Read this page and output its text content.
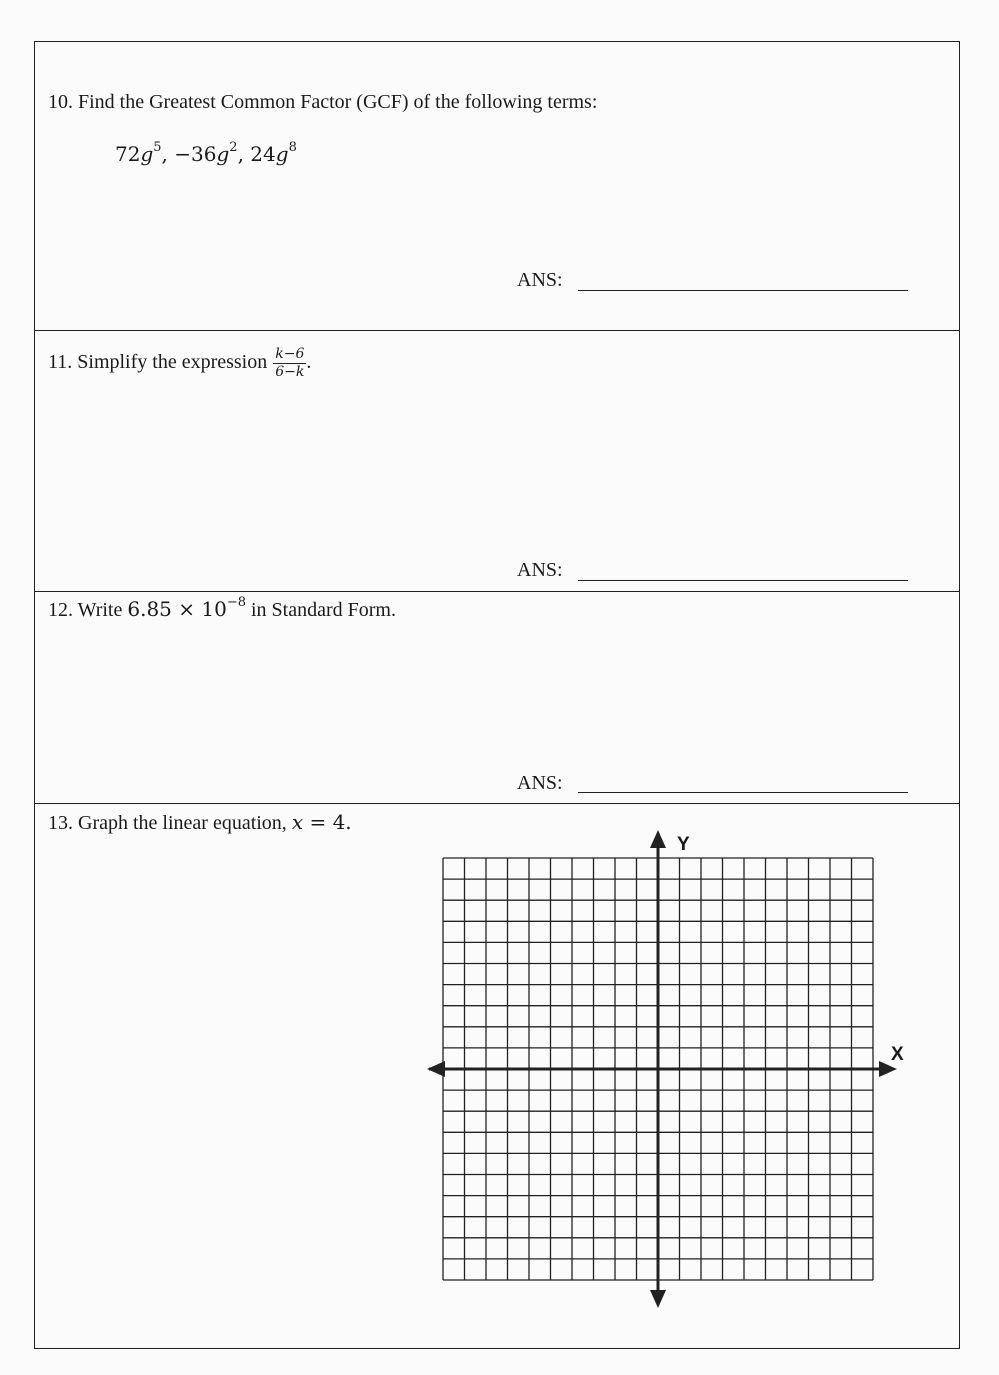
10. Find the Greatest Common Factor (GCF) of the following terms:
$72g^5$, $-36g^2$, $24g^8$
ANS:
11. Simplify the expression $\frac{k-6}{6-k}$ .
ANS:
12. Write $6.85 \times 10^{-8}$ in Standard Form.
ANS:
13. Graph the linear equation, x = 4.
Y
X
